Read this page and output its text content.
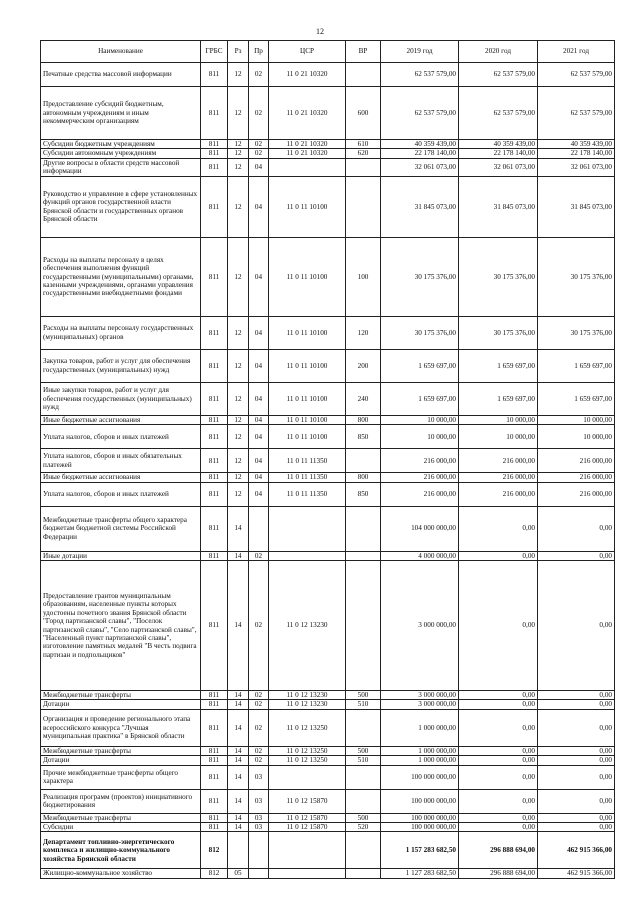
12
Наименование	ГРБС	Рз	Пр	ЦСР	ВР	2019 год	2020 год	2021 год
Печатные средства массовой информации	811	12	02	11 0 21 10320		62 537 579,00	62 537 579,00	62 537 579,00
Предоставление субсидий бюджетным, автономным учреждениям и иным некоммерческим организациям	811	12	02	11 0 21 10320	600	62 537 579,00	62 537 579,00	62 537 579,00
Субсидии бюджетным учреждениям	811	12	02	11 0 21 10320	610	40 359 439,00	40 359 439,00	40 359 439,00
Субсидии автономным учреждениям	811	12	02	11 0 21 10320	620	22 178 140,00	22 178 140,00	22 178 140,00
Другие вопросы в области средств массовой информации	811	12	04			32 061 073,00	32 061 073,00	32 061 073,00
Руководство и управление в сфере установленных функций органов государственной власти Брянской области и государственных органов Брянской области	811	12	04	11 0 11 10100		31 845 073,00	31 845 073,00	31 845 073,00
Расходы на выплаты персоналу в целях обеспечения выполнения функций государственными (муниципальными) органами, казенными учреждениями, органами управления государственными внебюджетными фондами	811	12	04	11 0 11 10100	100	30 175 376,00	30 175 376,00	30 175 376,00
Расходы на выплаты персоналу государственных (муниципальных) органов	811	12	04	11 0 11 10100	120	30 175 376,00	30 175 376,00	30 175 376,00
Закупка товаров, работ и услуг для обеспечения государственных (муниципальных) нужд	811	12	04	11 0 11 10100	200	1 659 697,00	1 659 697,00	1 659 697,00
Иные закупки товаров, работ и услуг для обеспечения государственных (муниципальных) нужд	811	12	04	11 0 11 10100	240	1 659 697,00	1 659 697,00	1 659 697,00
Иные бюджетные ассигнования	811	12	04	11 0 11 10100	800	10 000,00	10 000,00	10 000,00
Уплата налогов, сборов и иных платежей	811	12	04	11 0 11 10100	850	10 000,00	10 000,00	10 000,00
Уплата налогов, сборов и иных обязательных платежей	811	12	04	11 0 11 11350		216 000,00	216 000,00	216 000,00
Иные бюджетные ассигнования	811	12	04	11 0 11 11350	800	216 000,00	216 000,00	216 000,00
Уплата налогов, сборов и иных платежей	811	12	04	11 0 11 11350	850	216 000,00	216 000,00	216 000,00
Межбюджетные трансферты общего характера бюджетам бюджетной системы Российской Федерации	811	14				104 000 000,00	0,00	0,00
Иные дотации	811	14	02			4 000 000,00	0,00	0,00
Предоставление грантов муниципальным образованиям, населенные пункты которых удостоены почетного звания Брянской области "Город партизанской славы", "Поселок партизанской славы", "Село партизанской славы", "Населенный пункт партизанской славы", изготовление памятных медалей "В честь подвига партизан и подпольщиков"	811	14	02	11 0 12 13230		3 000 000,00	0,00	0,00
Межбюджетные трансферты	811	14	02	11 0 12 13230	500	3 000 000,00	0,00	0,00
Дотации	811	14	02	11 0 12 13230	510	3 000 000,00	0,00	0,00
Организация и проведение регионального этапа всероссийского конкурса "Лучшая муниципальная практика" в Брянской области	811	14	02	11 0 12 13250		1 000 000,00	0,00	0,00
Межбюджетные трансферты	811	14	02	11 0 12 13250	500	1 000 000,00	0,00	0,00
Дотации	811	14	02	11 0 12 13250	510	1 000 000,00	0,00	0,00
Прочие межбюджетные трансферты общего характера	811	14	03			100 000 000,00	0,00	0,00
Реализация программ (проектов) инициативного бюджетирования	811	14	03	11 0 12 15870		100 000 000,00	0,00	0,00
Межбюджетные трансферты	811	14	03	11 0 12 15870	500	100 000 000,00	0,00	0,00
Субсидии	811	14	03	11 0 12 15870	520	100 000 000,00	0,00	0,00
Департамент топливно-энергетического комплекса и жилищно-коммунального хозяйства Брянской области	812					1 157 283 682,50	296 888 694,00	462 915 366,00
Жилищно-коммунальное хозяйство	812	05				1 127 283 682,50	296 888 694,00	462 915 366,00
